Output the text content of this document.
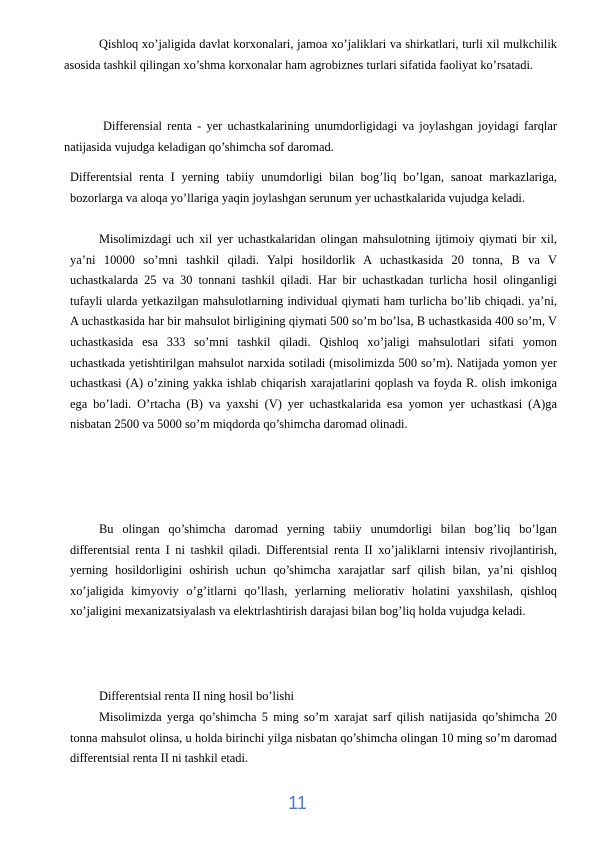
Qishloq xo’jaligida davlat korxonalari, jamoa xo’jaliklari va shirkatlari, turli xil mulkchilik asosida tashkil qilingan xo’shma korxonalar ham agrobiznes turlari sifatida faoliyat ko’rsatadi.

Differensial renta - yer uchastkalarining unumdorligidagi va joylashgan joyidagi farqlar natijasida vujudga keladigan qo’shimcha sof daromad.

Differentsial renta I yerning tabiiy unumdorligi bilan bog’liq bo’lgan, sanoat markazlariga, bozorlarga va aloqa yo’llariga yaqin joylashgan serunum yer uchastkalarida vujudga keladi.

Misolimizdagi uch xil yer uchastkalaridan olingan mahsulotning ijtimoiy qiymati bir xil, ya’ni 10000 so’mni tashkil qiladi. Yalpi hosildorlik A uchastkasida 20 tonna, B va V uchastkalarda 25 va 30 tonnani tashkil qiladi. Har bir uchastkadan turlicha hosil olinganligi tufayli ularda yetkazilgan mahsulotlarning individual qiymati ham turlicha bo’lib chiqadi. ya’ni, A uchastkasida har bir mahsulot birligining qiymati 500 so’m bo’lsa, B uchastkasida 400 so’m, V uchastkasida esa 333 so’mni tashkil qiladi. Qishloq xo’jaligi mahsulotlari sifati yomon uchastkada yetishtirilgan mahsulot narxida sotiladi (misolimizda 500 so’m). Natijada yomon yer uchastkasi (A) o’zining yakka ishlab chiqarish xarajatlarini qoplash va foyda R. olish imkoniga ega bo’ladi. O’rtacha (B) va yaxshi (V) yer uchastkalarida esa yomon yer uchastkasi (A)ga nisbatan 2500 va 5000 so’m miqdorda qo’shimcha daromad olinadi.

Bu olingan qo’shimcha daromad yerning tabiiy unumdorligi bilan bog’liq bo’lgan differentsial renta I ni tashkil qiladi. Differentsial renta II xo’jaliklarni intensiv rivojlantirish, yerning hosildorligini oshirish uchun qo’shimcha xarajatlar sarf qilish bilan, ya’ni qishloq xo’jaligida kimyoviy o’g’itlarni qo’llash, yerlarning meliorativ holatini yaxshilash, qishloq xo’jaligini mexanizatsiyalash va elektrlashtirish darajasi bilan bog’liq holda vujudga keladi.

Differentsial renta II ning hosil bo’lishi

Misolimizda yerga qo’shimcha 5 ming so’m xarajat sarf qilish natijasida qo’shimcha 20 tonna mahsulot olinsa, u holda birinchi yilga nisbatan qo’shimcha olingan 10 ming so’m daromad differentsial renta II ni tashkil etadi.

11
